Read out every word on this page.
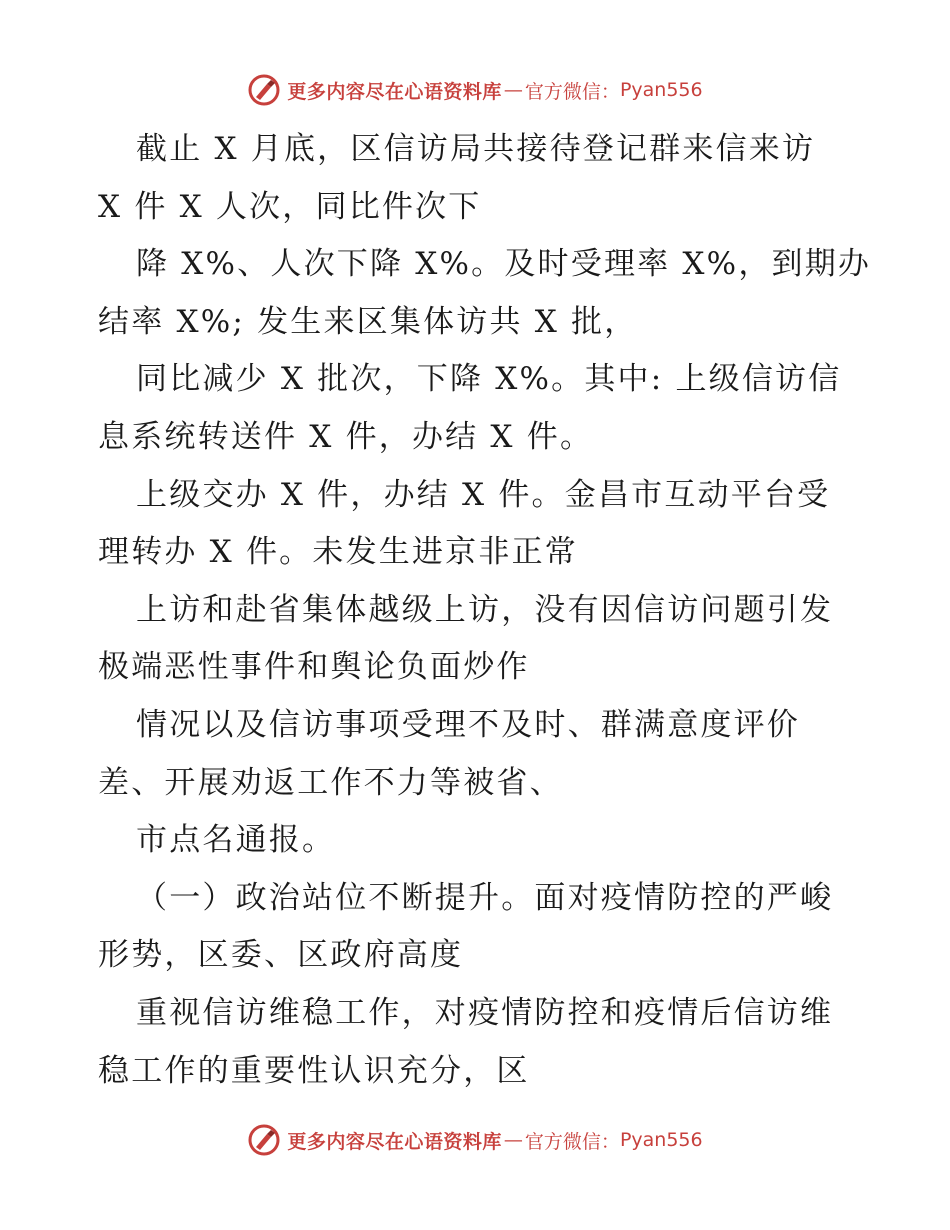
更多内容尽在心语资料库 — 官方微信： Pyan556

截止 X 月底，区信访局共接待登记群来信来访
X 件 X 人次，同比件次下

降 X%、人次下降 X%。及时受理率 X%，到期办
结率 X%; 发生来区集体访共 X 批，

同比减少 X 批次，下降 X%。其中: 上级信访信
息系统转送件 X 件，办结 X 件。

上级交办 X 件，办结 X 件。金昌市互动平台受
理转办 X 件。未发生进京非正常

上访和赴省集体越级上访，没有因信访问题引发
极端恶性事件和舆论负面炒作

情况以及信访事项受理不及时、群满意度评价
差、开展劝返工作不力等被省、

市点名通报。

（一）政治站位不断提升。面对疫情防控的严峻
形势，区委、区政府高度

重视信访维稳工作，对疫情防控和疫情后信访维
稳工作的重要性认识充分，区

更多内容尽在心语资料库 — 官方微信： Pyan556
